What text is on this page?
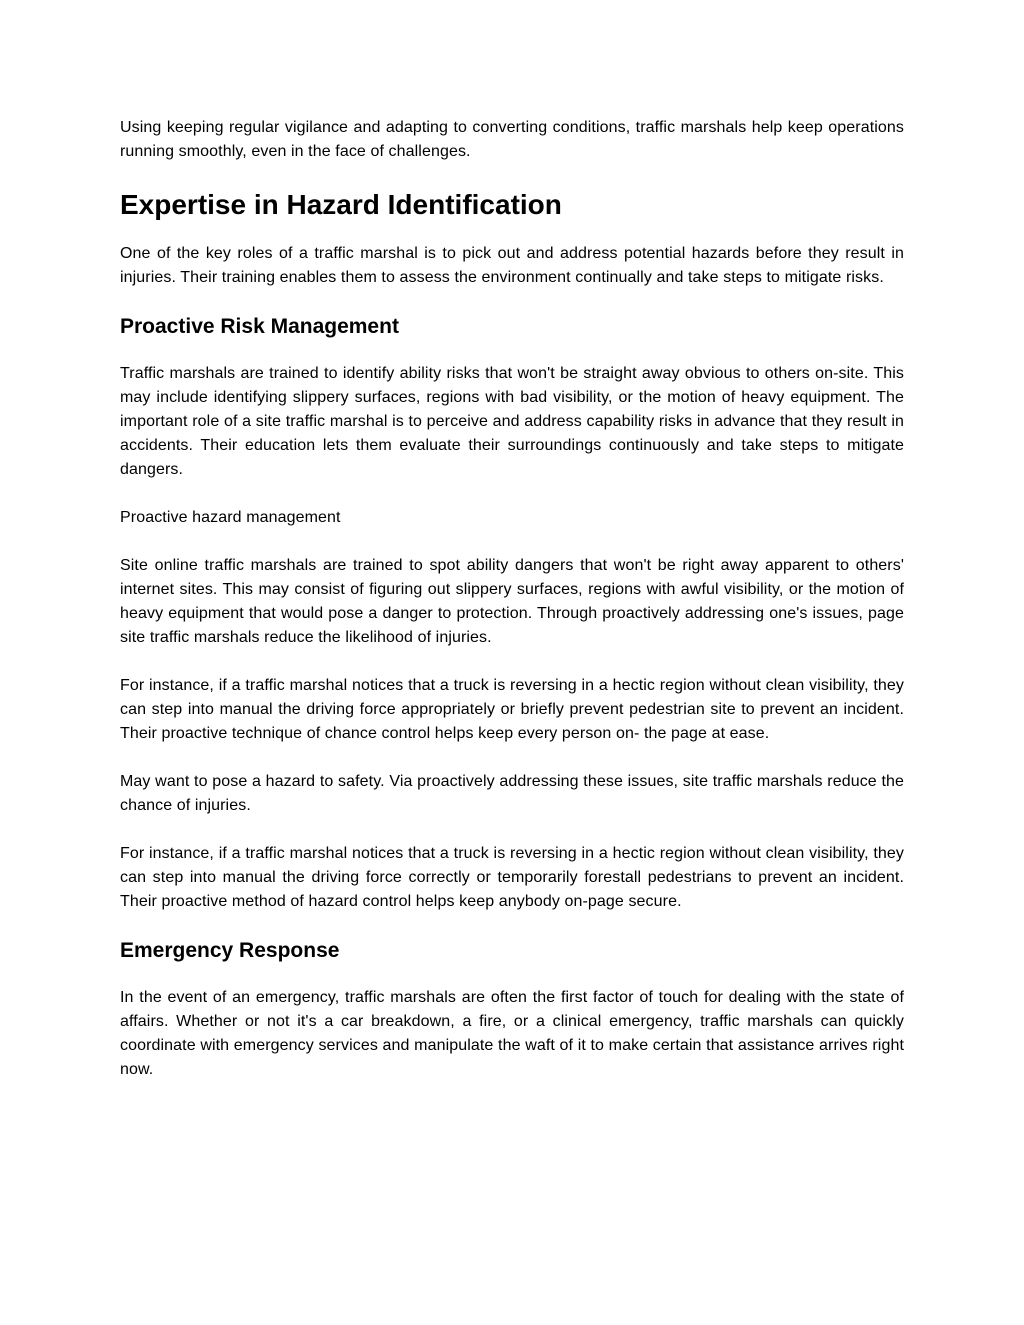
Using keeping regular vigilance and adapting to converting conditions, traffic marshals help keep operations running smoothly, even in the face of challenges.

Expertise in Hazard Identification

One of the key roles of a traffic marshal is to pick out and address potential hazards before they result in injuries. Their training enables them to assess the environment continually and take steps to mitigate risks.

Proactive Risk Management

Traffic marshals are trained to identify ability risks that won't be straight away obvious to others on-site. This may include identifying slippery surfaces, regions with bad visibility, or the motion of heavy equipment. The important role of a site traffic marshal is to perceive and address capability risks in advance that they result in accidents. Their education lets them evaluate their surroundings continuously and take steps to mitigate dangers.

Proactive hazard management

Site online traffic marshals are trained to spot ability dangers that won't be right away apparent to others' internet sites. This may consist of figuring out slippery surfaces, regions with awful visibility, or the motion of heavy equipment that would pose a danger to protection. Through proactively addressing one's issues, page site traffic marshals reduce the likelihood of injuries.

For instance, if a traffic marshal notices that a truck is reversing in a hectic region without clean visibility, they can step into manual the driving force appropriately or briefly prevent pedestrian site to prevent an incident. Their proactive technique of chance control helps keep every person on- the page at ease.

May want to pose a hazard to safety. Via proactively addressing these issues, site traffic marshals reduce the chance of injuries.

For instance, if a traffic marshal notices that a truck is reversing in a hectic region without clean visibility, they can step into manual the driving force correctly or temporarily forestall pedestrians to prevent an incident. Their proactive method of hazard control helps keep anybody on-page secure.

Emergency Response

In the event of an emergency, traffic marshals are often the first factor of touch for dealing with the state of affairs. Whether or not it's a car breakdown, a fire, or a clinical emergency, traffic marshals can quickly coordinate with emergency services and manipulate the waft of it to make certain that assistance arrives right now.
